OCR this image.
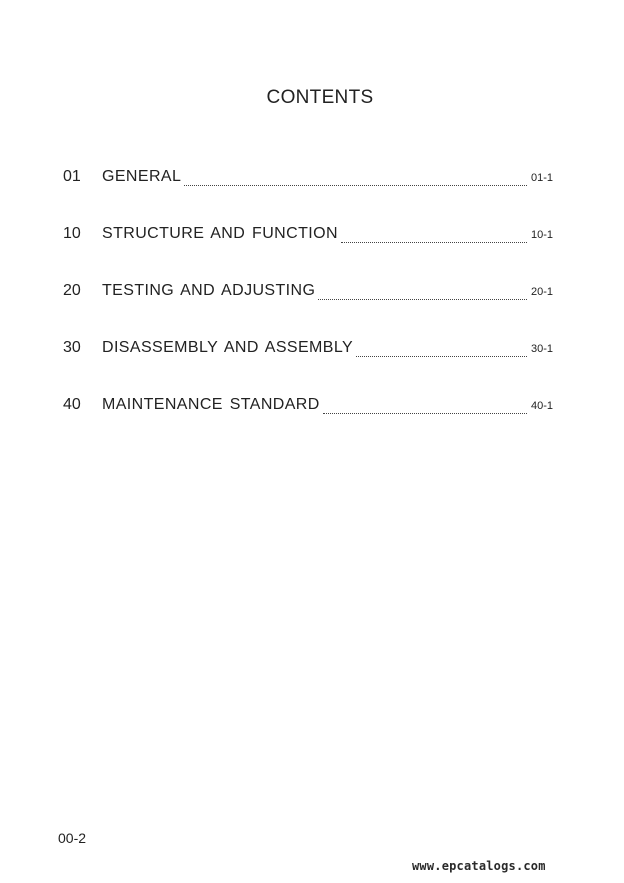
CONTENTS
01	GENERAL	01-1
10	STRUCTURE AND FUNCTION	10-1
20	TESTING AND ADJUSTING	20-1
30	DISASSEMBLY AND ASSEMBLY	30-1
40	MAINTENANCE STANDARD	40-1
00-2
www.epcatalogs.com
